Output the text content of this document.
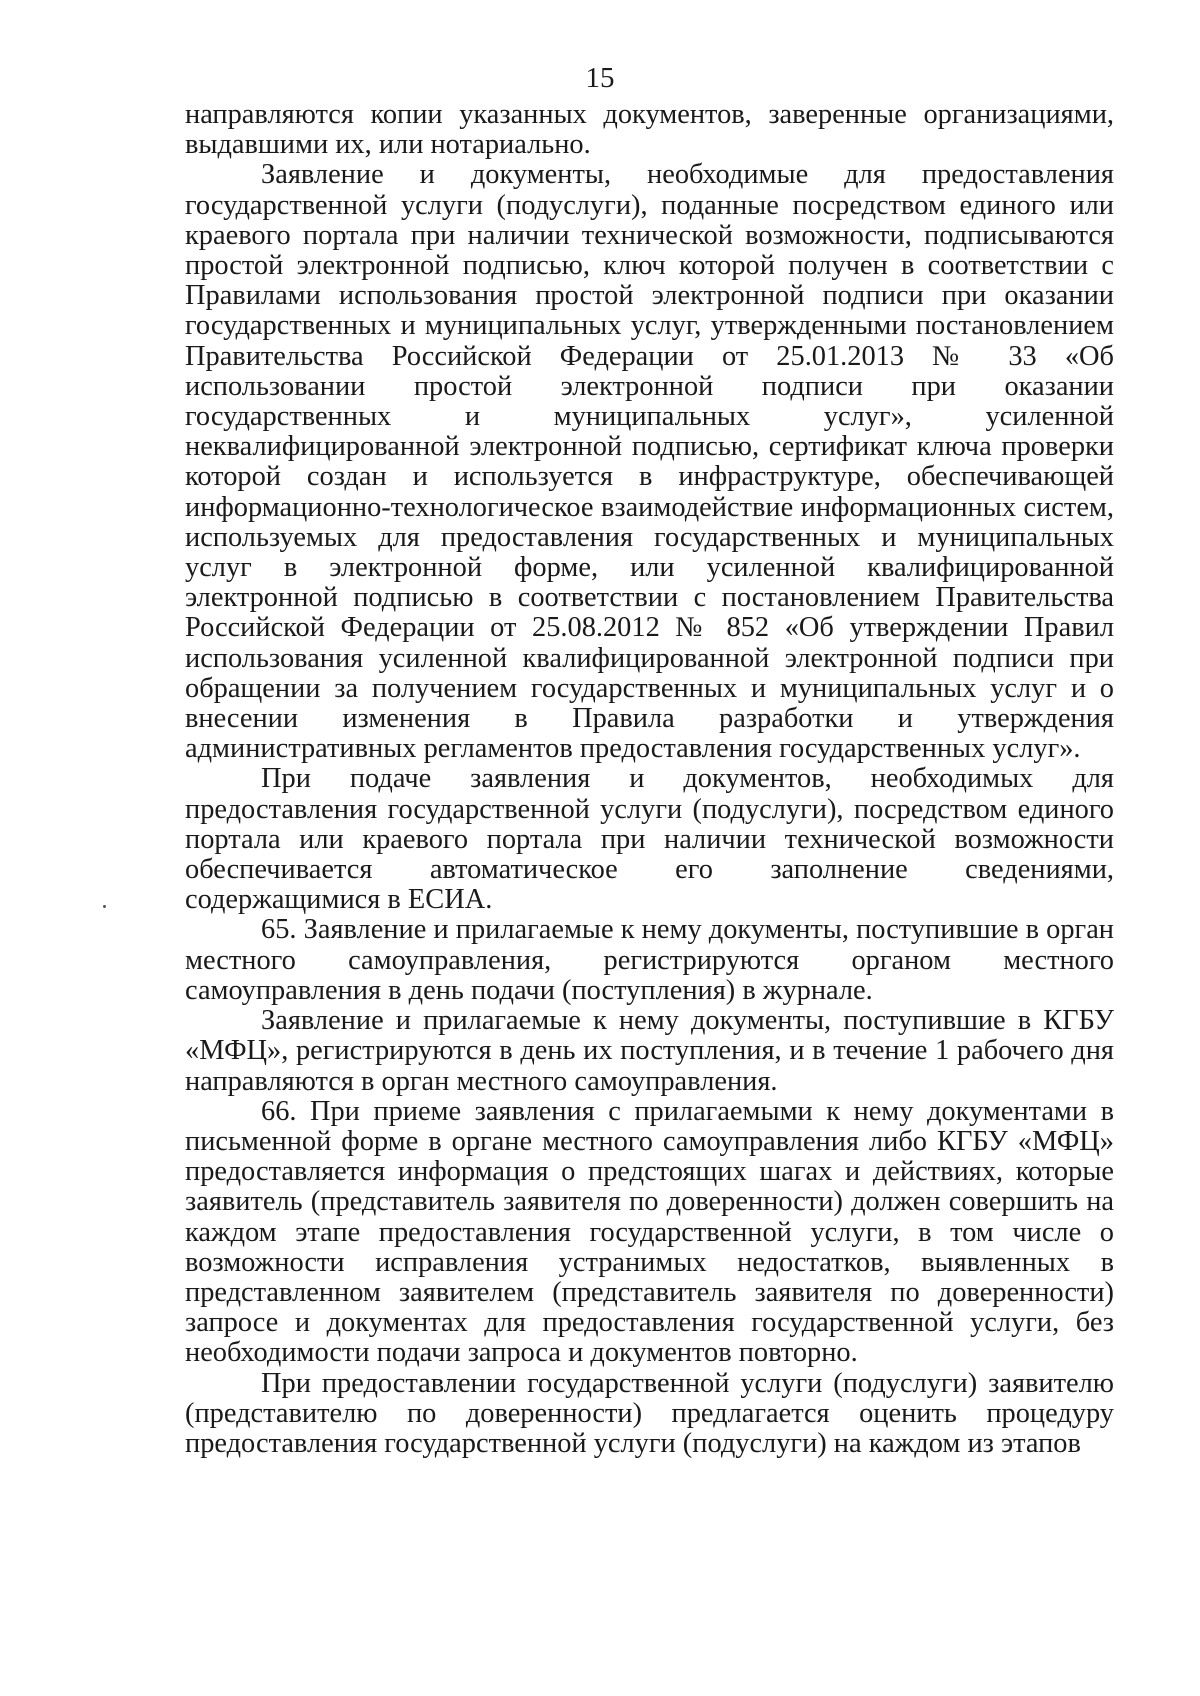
15

направляются копии указанных документов, заверенные организациями, выдавшими их, или нотариально.

Заявление и документы, необходимые для предоставления государственной услуги (подуслуги), поданные посредством единого или краевого портала при наличии технической возможности, подписываются простой электронной подписью, ключ которой получен в соответствии с Правилами использования простой электронной подписи при оказании государственных и муниципальных услуг, утвержденными постановлением Правительства Российской Федерации от 25.01.2013 № 33 «Об использовании простой электронной подписи при оказании государственных и муниципальных услуг», усиленной неквалифицированной электронной подписью, сертификат ключа проверки которой создан и используется в инфраструктуре, обеспечивающей информационно-технологическое взаимодействие информационных систем, используемых для предоставления государственных и муниципальных услуг в электронной форме, или усиленной квалифицированной электронной подписью в соответствии с постановлением Правительства Российской Федерации от 25.08.2012 № 852 «Об утверждении Правил использования усиленной квалифицированной электронной подписи при обращении за получением государственных и муниципальных услуг и о внесении изменения в Правила разработки и утверждения административных регламентов предоставления государственных услуг».

При подаче заявления и документов, необходимых для предоставления государственной услуги (подуслуги), посредством единого портала или краевого портала при наличии технической возможности обеспечивается автоматическое его заполнение сведениями, содержащимися в ЕСИА.

65. Заявление и прилагаемые к нему документы, поступившие в орган местного самоуправления, регистрируются органом местного самоуправления в день подачи (поступления) в журнале.

Заявление и прилагаемые к нему документы, поступившие в КГБУ «МФЦ», регистрируются в день их поступления, и в течение 1 рабочего дня направляются в орган местного самоуправления.

66. При приеме заявления с прилагаемыми к нему документами в письменной форме в органе местного самоуправления либо КГБУ «МФЦ» предоставляется информация о предстоящих шагах и действиях, которые заявитель (представитель заявителя по доверенности) должен совершить на каждом этапе предоставления государственной услуги, в том числе о возможности исправления устранимых недостатков, выявленных в представленном заявителем (представитель заявителя по доверенности) запросе и документах для предоставления государственной услуги, без необходимости подачи запроса и документов повторно.

При предоставлении государственной услуги (подуслуги) заявителю (представителю по доверенности) предлагается оценить процедуру предоставления государственной услуги (подуслуги) на каждом из этапов
